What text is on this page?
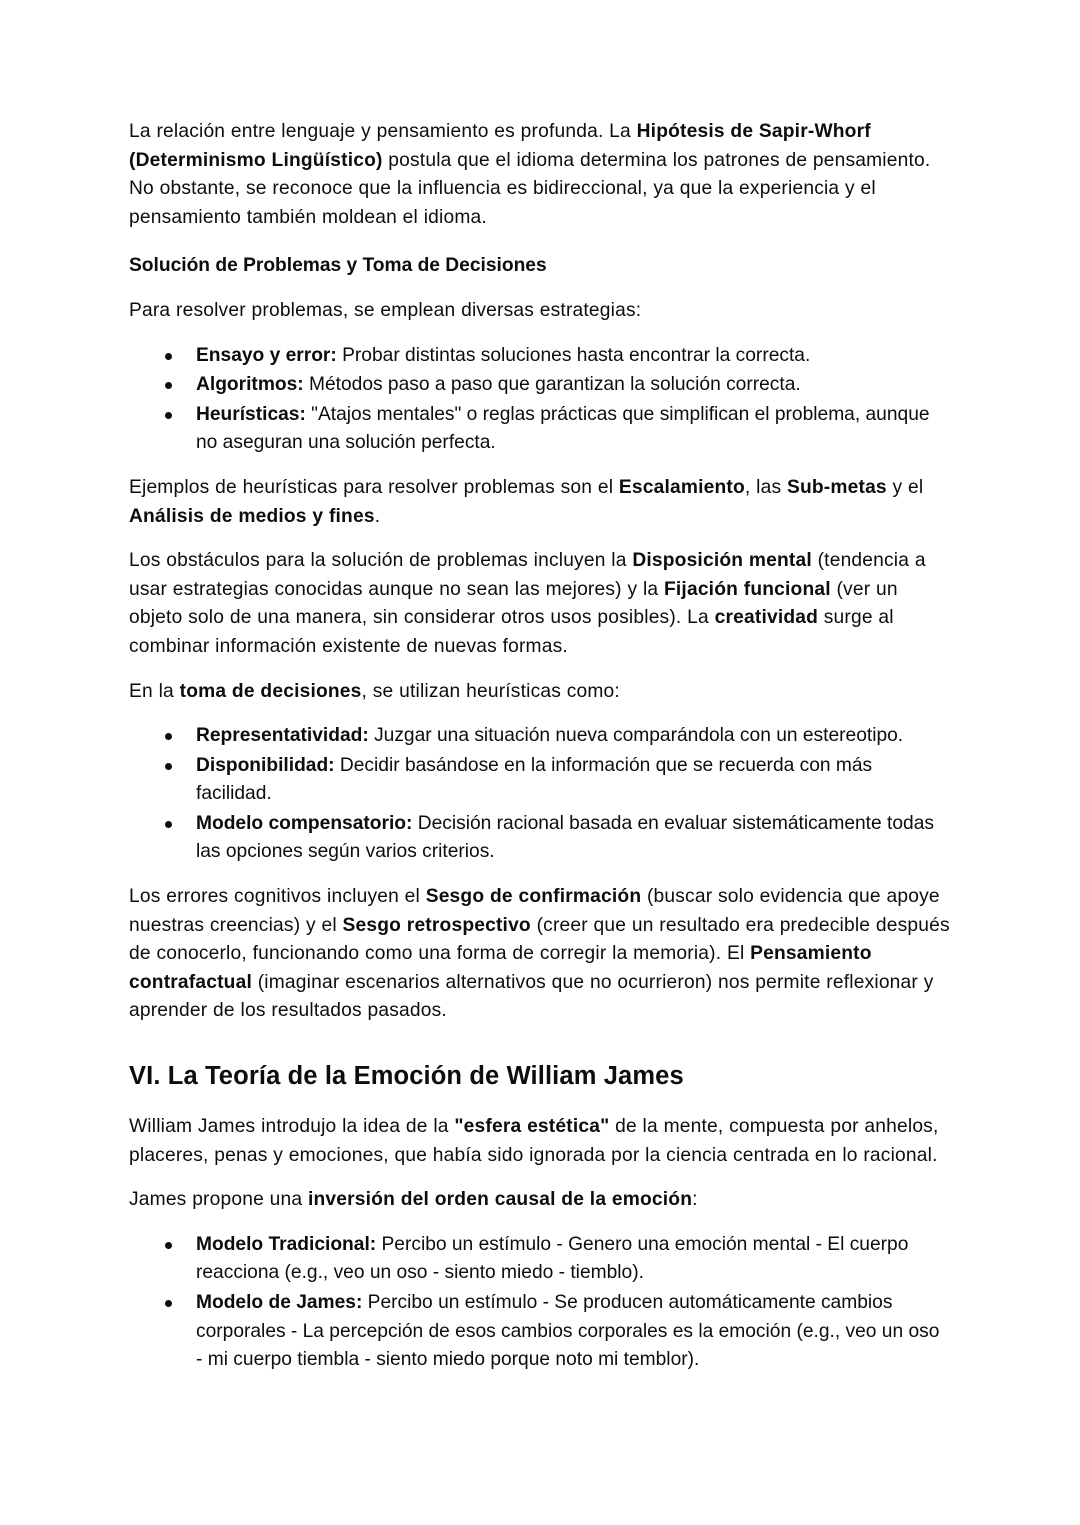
La relación entre lenguaje y pensamiento es profunda. La Hipótesis de Sapir-Whorf (Determinismo Lingüístico) postula que el idioma determina los patrones de pensamiento. No obstante, se reconoce que la influencia es bidireccional, ya que la experiencia y el pensamiento también moldean el idioma.

Solución de Problemas y Toma de Decisiones

Para resolver problemas, se emplean diversas estrategias:

Ensayo y error: Probar distintas soluciones hasta encontrar la correcta.
Algoritmos: Métodos paso a paso que garantizan la solución correcta.
Heurísticas: "Atajos mentales" o reglas prácticas que simplifican el problema, aunque no aseguran una solución perfecta.

Ejemplos de heurísticas para resolver problemas son el Escalamiento, las Sub-metas y el Análisis de medios y fines.

Los obstáculos para la solución de problemas incluyen la Disposición mental (tendencia a usar estrategias conocidas aunque no sean las mejores) y la Fijación funcional (ver un objeto solo de una manera, sin considerar otros usos posibles). La creatividad surge al combinar información existente de nuevas formas.

En la toma de decisiones, se utilizan heurísticas como:

Representatividad: Juzgar una situación nueva comparándola con un estereotipo.
Disponibilidad: Decidir basándose en la información que se recuerda con más facilidad.
Modelo compensatorio: Decisión racional basada en evaluar sistemáticamente todas las opciones según varios criterios.

Los errores cognitivos incluyen el Sesgo de confirmación (buscar solo evidencia que apoye nuestras creencias) y el Sesgo retrospectivo (creer que un resultado era predecible después de conocerlo, funcionando como una forma de corregir la memoria). El Pensamiento contrafactual (imaginar escenarios alternativos que no ocurrieron) nos permite reflexionar y aprender de los resultados pasados.

VI. La Teoría de la Emoción de William James

William James introdujo la idea de la "esfera estética" de la mente, compuesta por anhelos, placeres, penas y emociones, que había sido ignorada por la ciencia centrada en lo racional.

James propone una inversión del orden causal de la emoción:

Modelo Tradicional: Percibo un estímulo - Genero una emoción mental - El cuerpo reacciona (e.g., veo un oso - siento miedo - tiemblo).
Modelo de James: Percibo un estímulo - Se producen automáticamente cambios corporales - La percepción de esos cambios corporales es la emoción (e.g., veo un oso - mi cuerpo tiembla - siento miedo porque noto mi temblor).
